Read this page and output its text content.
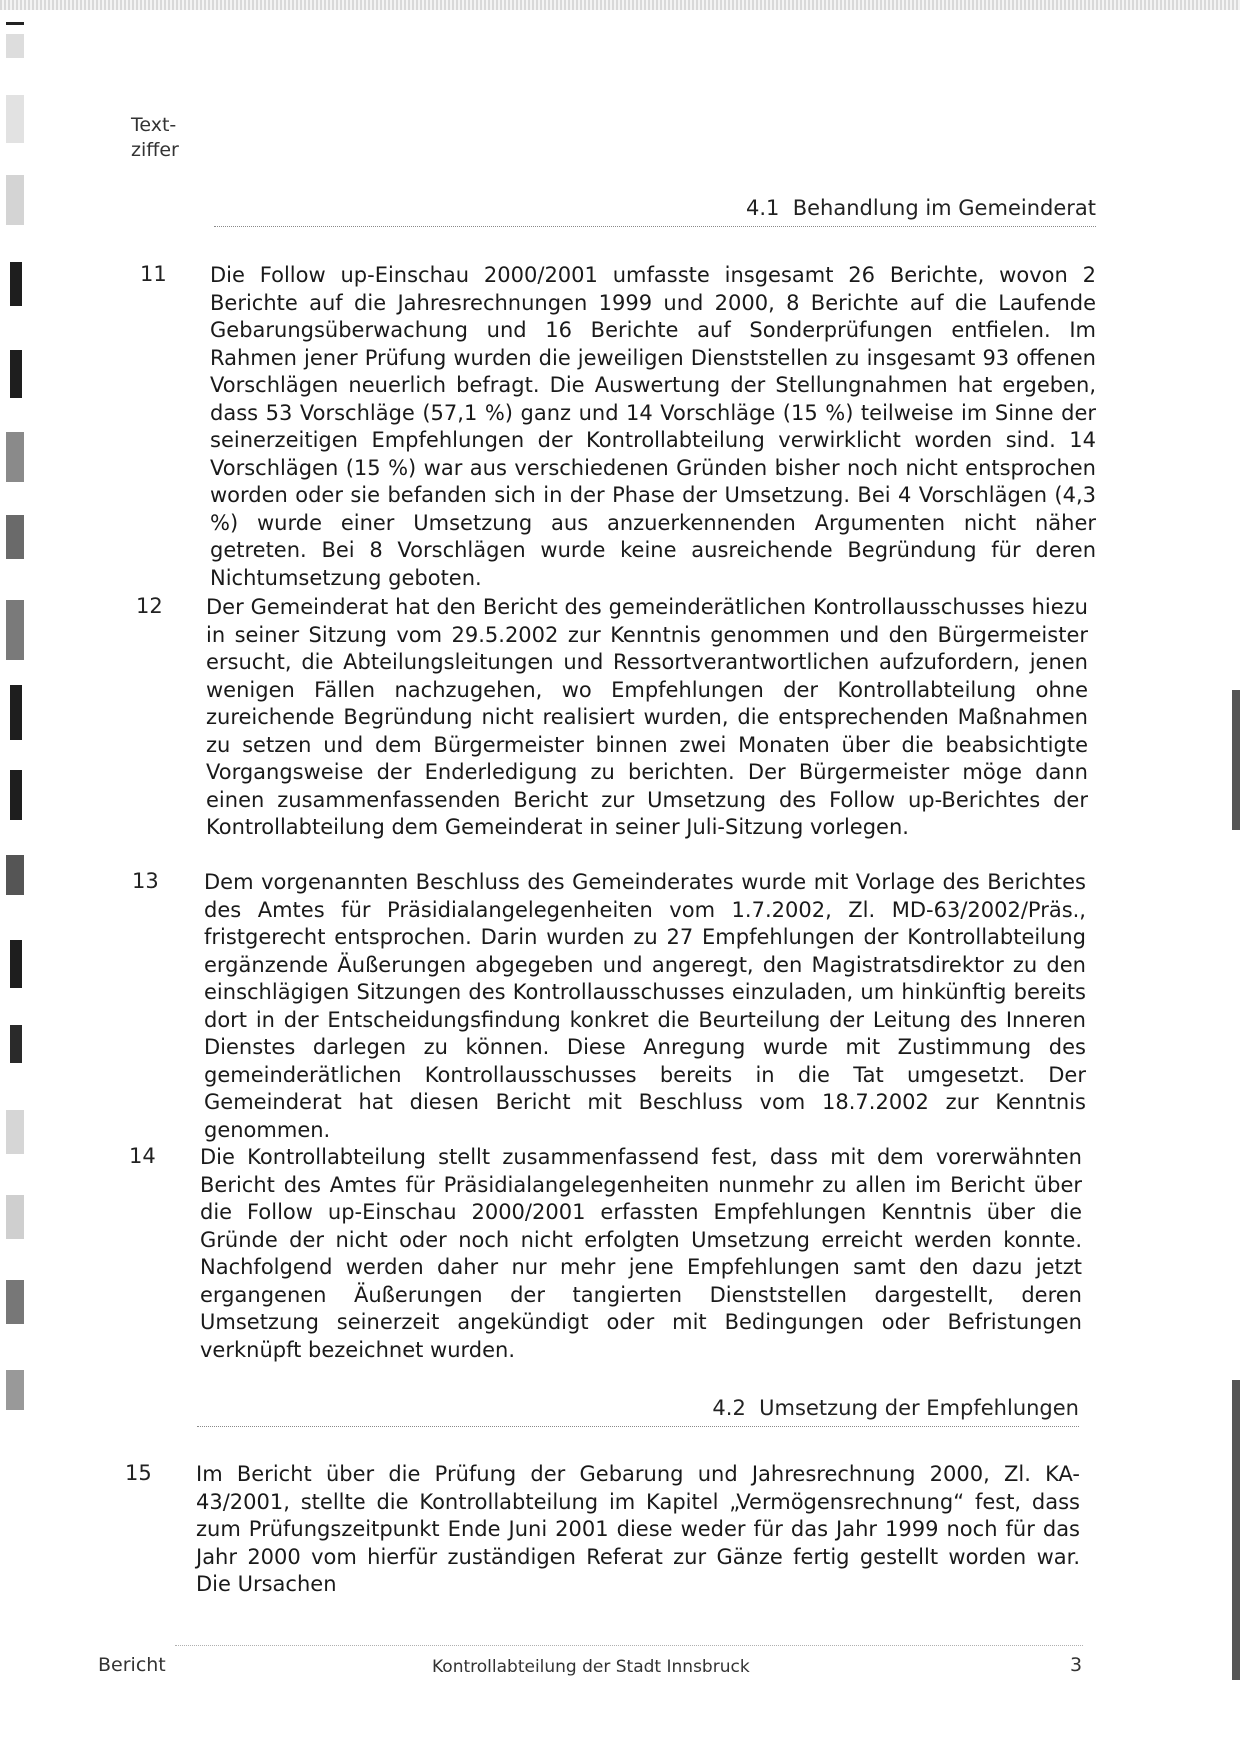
Text-
ziffer
4.1 Behandlung im Gemeinderat
11 Die Follow up-Einschau 2000/2001 umfasste insgesamt 26 Berichte, wovon 2 Berichte auf die Jahresrechnungen 1999 und 2000, 8 Berichte auf die Laufende Gebarungsüberwachung und 16 Berichte auf Sonderprüfungen entfielen. Im Rahmen jener Prüfung wurden die jeweiligen Dienststellen zu insgesamt 93 offenen Vorschlägen neuerlich befragt. Die Auswertung der Stellungnahmen hat ergeben, dass 53 Vorschläge (57,1 %) ganz und 14 Vorschläge (15 %) teilweise im Sinne der seinerzeitigen Empfehlungen der Kontrollabteilung verwirklicht worden sind. 14 Vorschlägen (15 %) war aus verschiedenen Gründen bisher noch nicht entsprochen worden oder sie befanden sich in der Phase der Umsetzung. Bei 4 Vorschlägen (4,3 %) wurde einer Umsetzung aus anzuerkennenden Argumenten nicht näher getreten. Bei 8 Vorschlägen wurde keine ausreichende Begründung für deren Nichtumsetzung geboten.

12 Der Gemeinderat hat den Bericht des gemeinderätlichen Kontrollausschusses hiezu in seiner Sitzung vom 29.5.2002 zur Kenntnis genommen und den Bürgermeister ersucht, die Abteilungsleitungen und Ressortverantwortlichen aufzufordern, jenen wenigen Fällen nachzugehen, wo Empfehlungen der Kontrollabteilung ohne zureichende Begründung nicht realisiert wurden, die entsprechenden Maßnahmen zu setzen und dem Bürgermeister binnen zwei Monaten über die beabsichtigte Vorgangsweise der Enderledigung zu berichten. Der Bürgermeister möge dann einen zusammenfassenden Bericht zur Umsetzung des Follow up-Berichtes der Kontrollabteilung dem Gemeinderat in seiner Juli-Sitzung vorlegen.

13 Dem vorgenannten Beschluss des Gemeinderates wurde mit Vorlage des Berichtes des Amtes für Präsidialangelegenheiten vom 1.7.2002, Zl. MD-63/2002/Präs., fristgerecht entsprochen. Darin wurden zu 27 Empfehlungen der Kontrollabteilung ergänzende Äußerungen abgegeben und angeregt, den Magistratsdirektor zu den einschlägigen Sitzungen des Kontrollausschusses einzuladen, um hinkünftig bereits dort in der Entscheidungsfindung konkret die Beurteilung der Leitung des Inneren Dienstes darlegen zu können. Diese Anregung wurde mit Zustimmung des gemeinderätlichen Kontrollausschusses bereits in die Tat umgesetzt. Der Gemeinderat hat diesen Bericht mit Beschluss vom 18.7.2002 zur Kenntnis genommen.

14 Die Kontrollabteilung stellt zusammenfassend fest, dass mit dem vorerwähnten Bericht des Amtes für Präsidialangelegenheiten nunmehr zu allen im Bericht über die Follow up-Einschau 2000/2001 erfassten Empfehlungen Kenntnis über die Gründe der nicht oder noch nicht erfolgten Umsetzung erreicht werden konnte. Nachfolgend werden daher nur mehr jene Empfehlungen samt den dazu jetzt ergangenen Äußerungen der tangierten Dienststellen dargestellt, deren Umsetzung seinerzeit angekündigt oder mit Bedingungen oder Befristungen verknüpft bezeichnet wurden.

4.2 Umsetzung der Empfehlungen
15 Im Bericht über die Prüfung der Gebarung und Jahresrechnung 2000, Zl. KA-43/2001, stellte die Kontrollabteilung im Kapitel „Vermögensrechnung“ fest, dass zum Prüfungszeitpunkt Ende Juni 2001 diese weder für das Jahr 1999 noch für das Jahr 2000 vom hierfür zuständigen Referat zur Gänze fertig gestellt worden war. Die Ursachen

Bericht	Kontrollabteilung der Stadt Innsbruck	3
